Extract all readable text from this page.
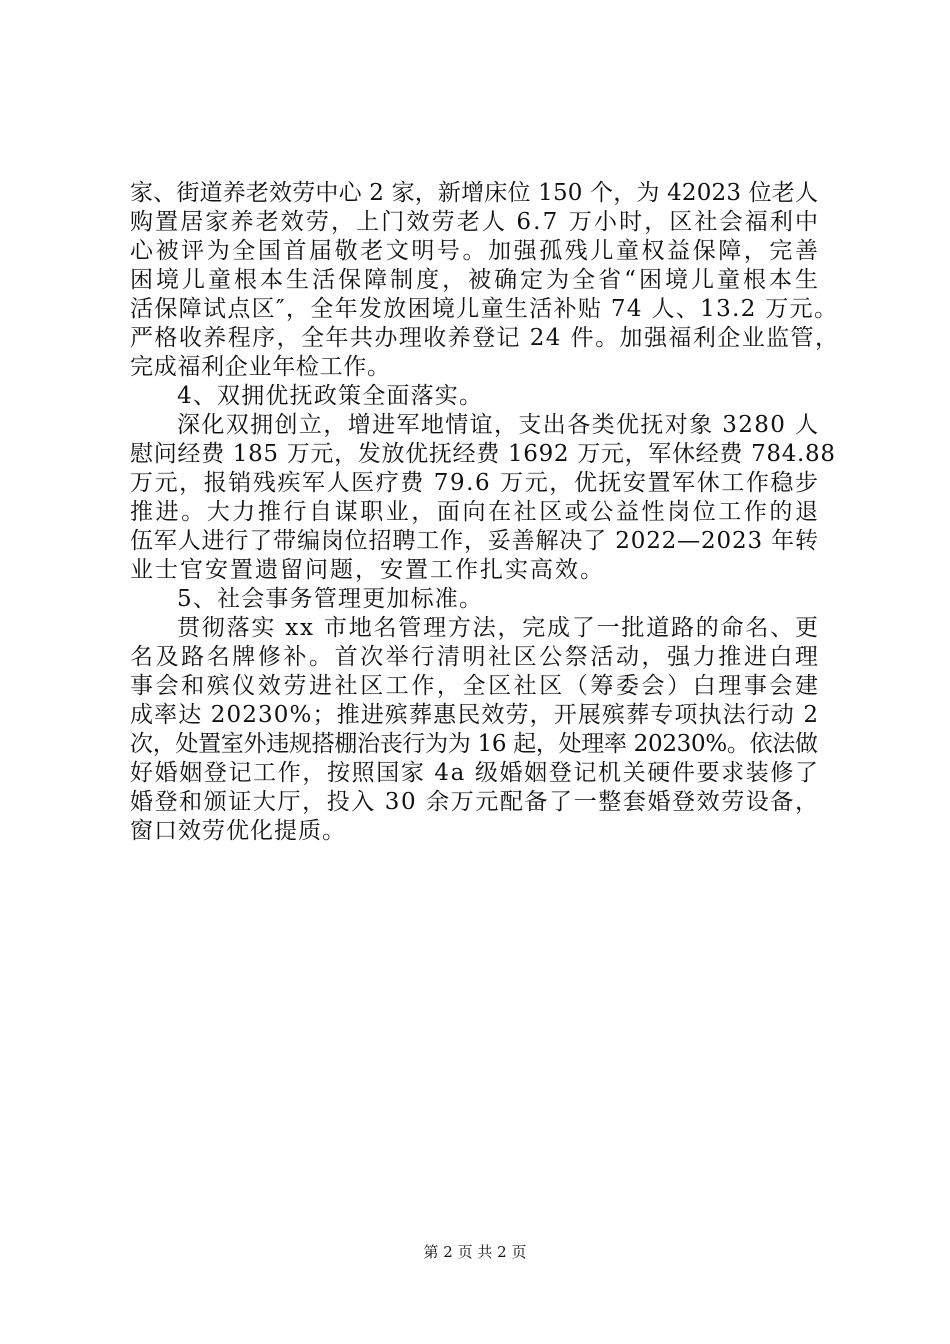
家、街道养老效劳中心 2 家，新增床位 150 个，为 42023 位老人
购置居家养老效劳，上门效劳老人 6.7 万小时，区社会福利中
心被评为全国首届敬老文明号。加强孤残儿童权益保障，完善
困境儿童根本生活保障制度，被确定为全省“困境儿童根本生
活保障试点区″，全年发放困境儿童生活补贴 74 人、13.2 万元。
严格收养程序，全年共办理收养登记 24 件。加强福利企业监管，
完成福利企业年检工作。
4、双拥优抚政策全面落实。
深化双拥创立，增进军地情谊，支出各类优抚对象 3280 人
慰问经费 185 万元，发放优抚经费 1692 万元，军休经费 784.88
万元，报销残疾军人医疗费 79.6 万元，优抚安置军休工作稳步
推进。大力推行自谋职业，面向在社区或公益性岗位工作的退
伍军人进行了带编岗位招聘工作，妥善解决了 2022—2023 年转
业士官安置遗留问题，安置工作扎实高效。
5、社会事务管理更加标准。
贯彻落实 xx 市地名管理方法，完成了一批道路的命名、更
名及路名牌修补。首次举行清明社区公祭活动，强力推进白理
事会和殡仪效劳进社区工作，全区社区（筹委会）白理事会建
成率达 20230%；推进殡葬惠民效劳，开展殡葬专项执法行动 2
次，处置室外违规搭棚治丧行为为 16 起，处理率 20230%。依法做
好婚姻登记工作，按照国家 4a 级婚姻登记机关硬件要求装修了
婚登和颁证大厅，投入 30 余万元配备了一整套婚登效劳设备，
窗口效劳优化提质。
第 2 页 共 2 页
